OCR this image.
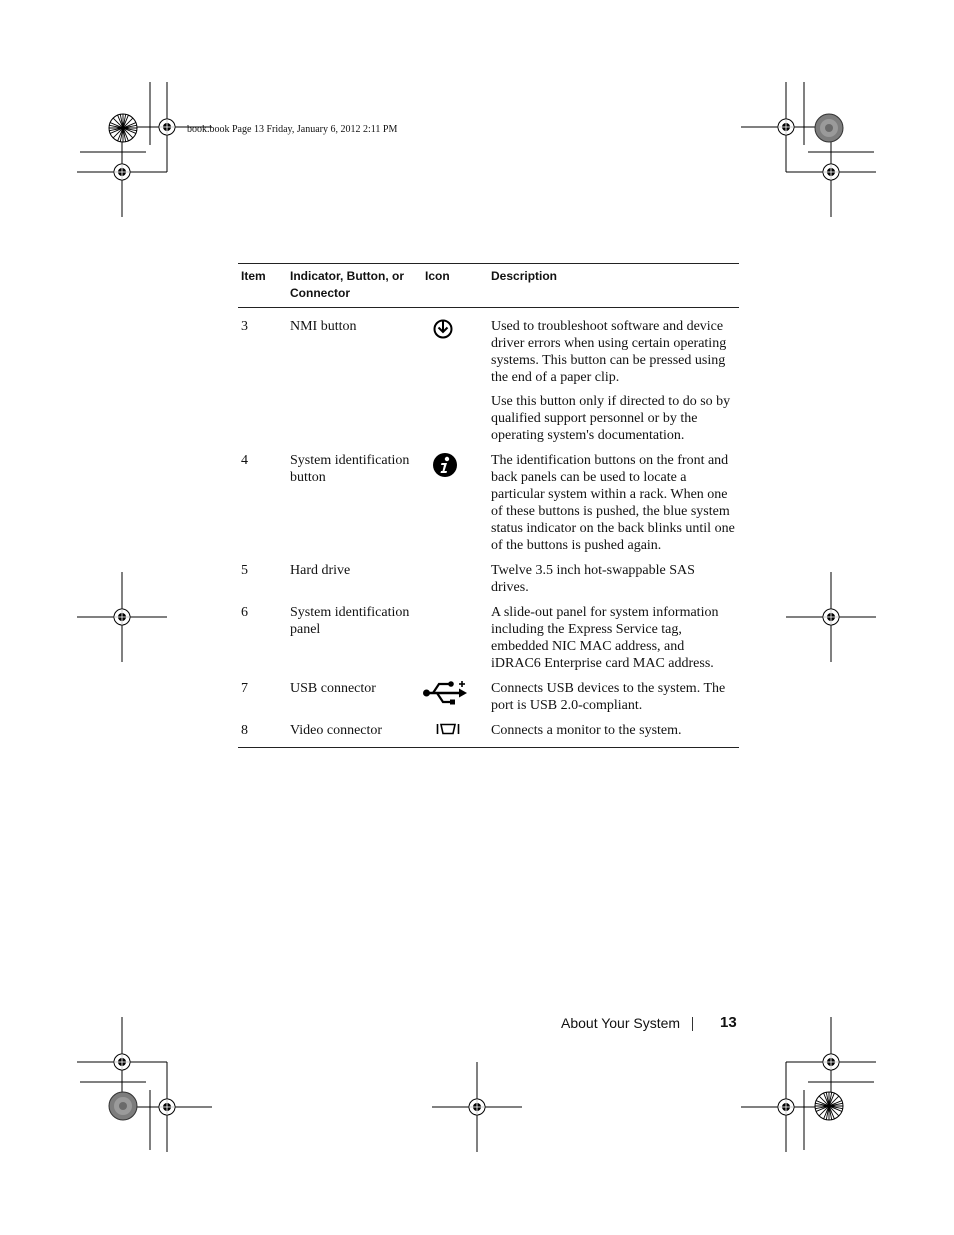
book.book Page 13 Friday, January 6, 2012 2:11 PM
Item	Indicator, Button, or Connector	Icon	Description
3	NMI button		Used to troubleshoot software and device driver errors when using certain operating systems. This button can be pressed using the end of a paper clip.
Use this button only if directed to do so by qualified support personnel or by the operating system's documentation.

4	System identification button		The identification buttons on the front and back panels can be used to locate a particular system within a rack. When one of these buttons is pushed, the blue system status indicator on the back blinks until one of the buttons is pushed again.

5	Hard drive		Twelve 3.5 inch hot-swappable SAS drives.

6	System identification panel		A slide-out panel for system information including the Express Service tag, embedded NIC MAC address, and iDRAC6 Enterprise card MAC address.

7	USB connector		Connects USB devices to the system. The port is USB 2.0-compliant.

8	Video connector		Connects a monitor to the system.
About Your System	13
